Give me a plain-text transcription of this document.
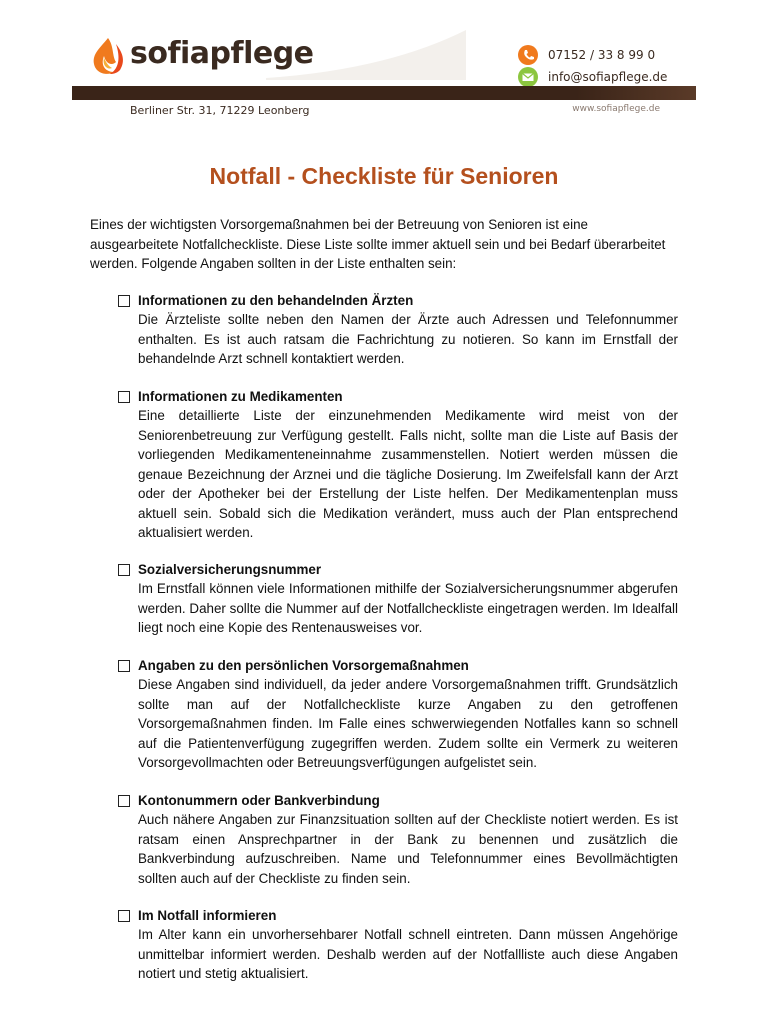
sofiapflege	07152 / 33 8 99 0
info@sofiapflege.de
Berliner Str. 31, 71229 Leonberg	www.sofiapflege.de
Notfall - Checkliste für Senioren
Eines der wichtigsten Vorsorgemaßnahmen bei der Betreuung von Senioren ist eine ausgearbeitete Notfallcheckliste. Diese Liste sollte immer aktuell sein und bei Bedarf überarbeitet werden. Folgende Angaben sollten in der Liste enthalten sein:
Informationen zu den behandelnden Ärzten
Die Ärzteliste sollte neben den Namen der Ärzte auch Adressen und Telefonnummer enthalten. Es ist auch ratsam die Fachrichtung zu notieren. So kann im Ernstfall der behandelnde Arzt schnell kontaktiert werden.
Informationen zu Medikamenten
Eine detaillierte Liste der einzunehmenden Medikamente wird meist von der Seniorenbetreuung zur Verfügung gestellt. Falls nicht, sollte man die Liste auf Basis der vorliegenden Medikamenteneinnahme zusammenstellen. Notiert werden müssen die genaue Bezeichnung der Arznei und die tägliche Dosierung. Im Zweifelsfall kann der Arzt oder der Apotheker bei der Erstellung der Liste helfen. Der Medikamentenplan muss aktuell sein. Sobald sich die Medikation verändert, muss auch der Plan entsprechend aktualisiert werden.
Sozialversicherungsnummer
Im Ernstfall können viele Informationen mithilfe der Sozialversicherungsnummer abgerufen werden. Daher sollte die Nummer auf der Notfallcheckliste eingetragen werden. Im Idealfall liegt noch eine Kopie des Rentenausweises vor.
Angaben zu den persönlichen Vorsorgemaßnahmen
Diese Angaben sind individuell, da jeder andere Vorsorgemaßnahmen trifft. Grundsätzlich sollte man auf der Notfallcheckliste kurze Angaben zu den getroffenen Vorsorgemaßnahmen finden. Im Falle eines schwerwiegenden Notfalles kann so schnell auf die Patientenverfügung zugegriffen werden. Zudem sollte ein Vermerk zu weiteren Vorsorgevollmachten oder Betreuungsverfügungen aufgelistet sein.
Kontonummern oder Bankverbindung
Auch nähere Angaben zur Finanzsituation sollten auf der Checkliste notiert werden. Es ist ratsam einen Ansprechpartner in der Bank zu benennen und zusätzlich die Bankverbindung aufzuschreiben. Name und Telefonnummer eines Bevollmächtigten sollten auch auf der Checkliste zu finden sein.
Im Notfall informieren
Im Alter kann ein unvorhersehbarer Notfall schnell eintreten. Dann müssen Angehörige unmittelbar informiert werden. Deshalb werden auf der Notfallliste auch diese Angaben notiert und stetig aktualisiert.
